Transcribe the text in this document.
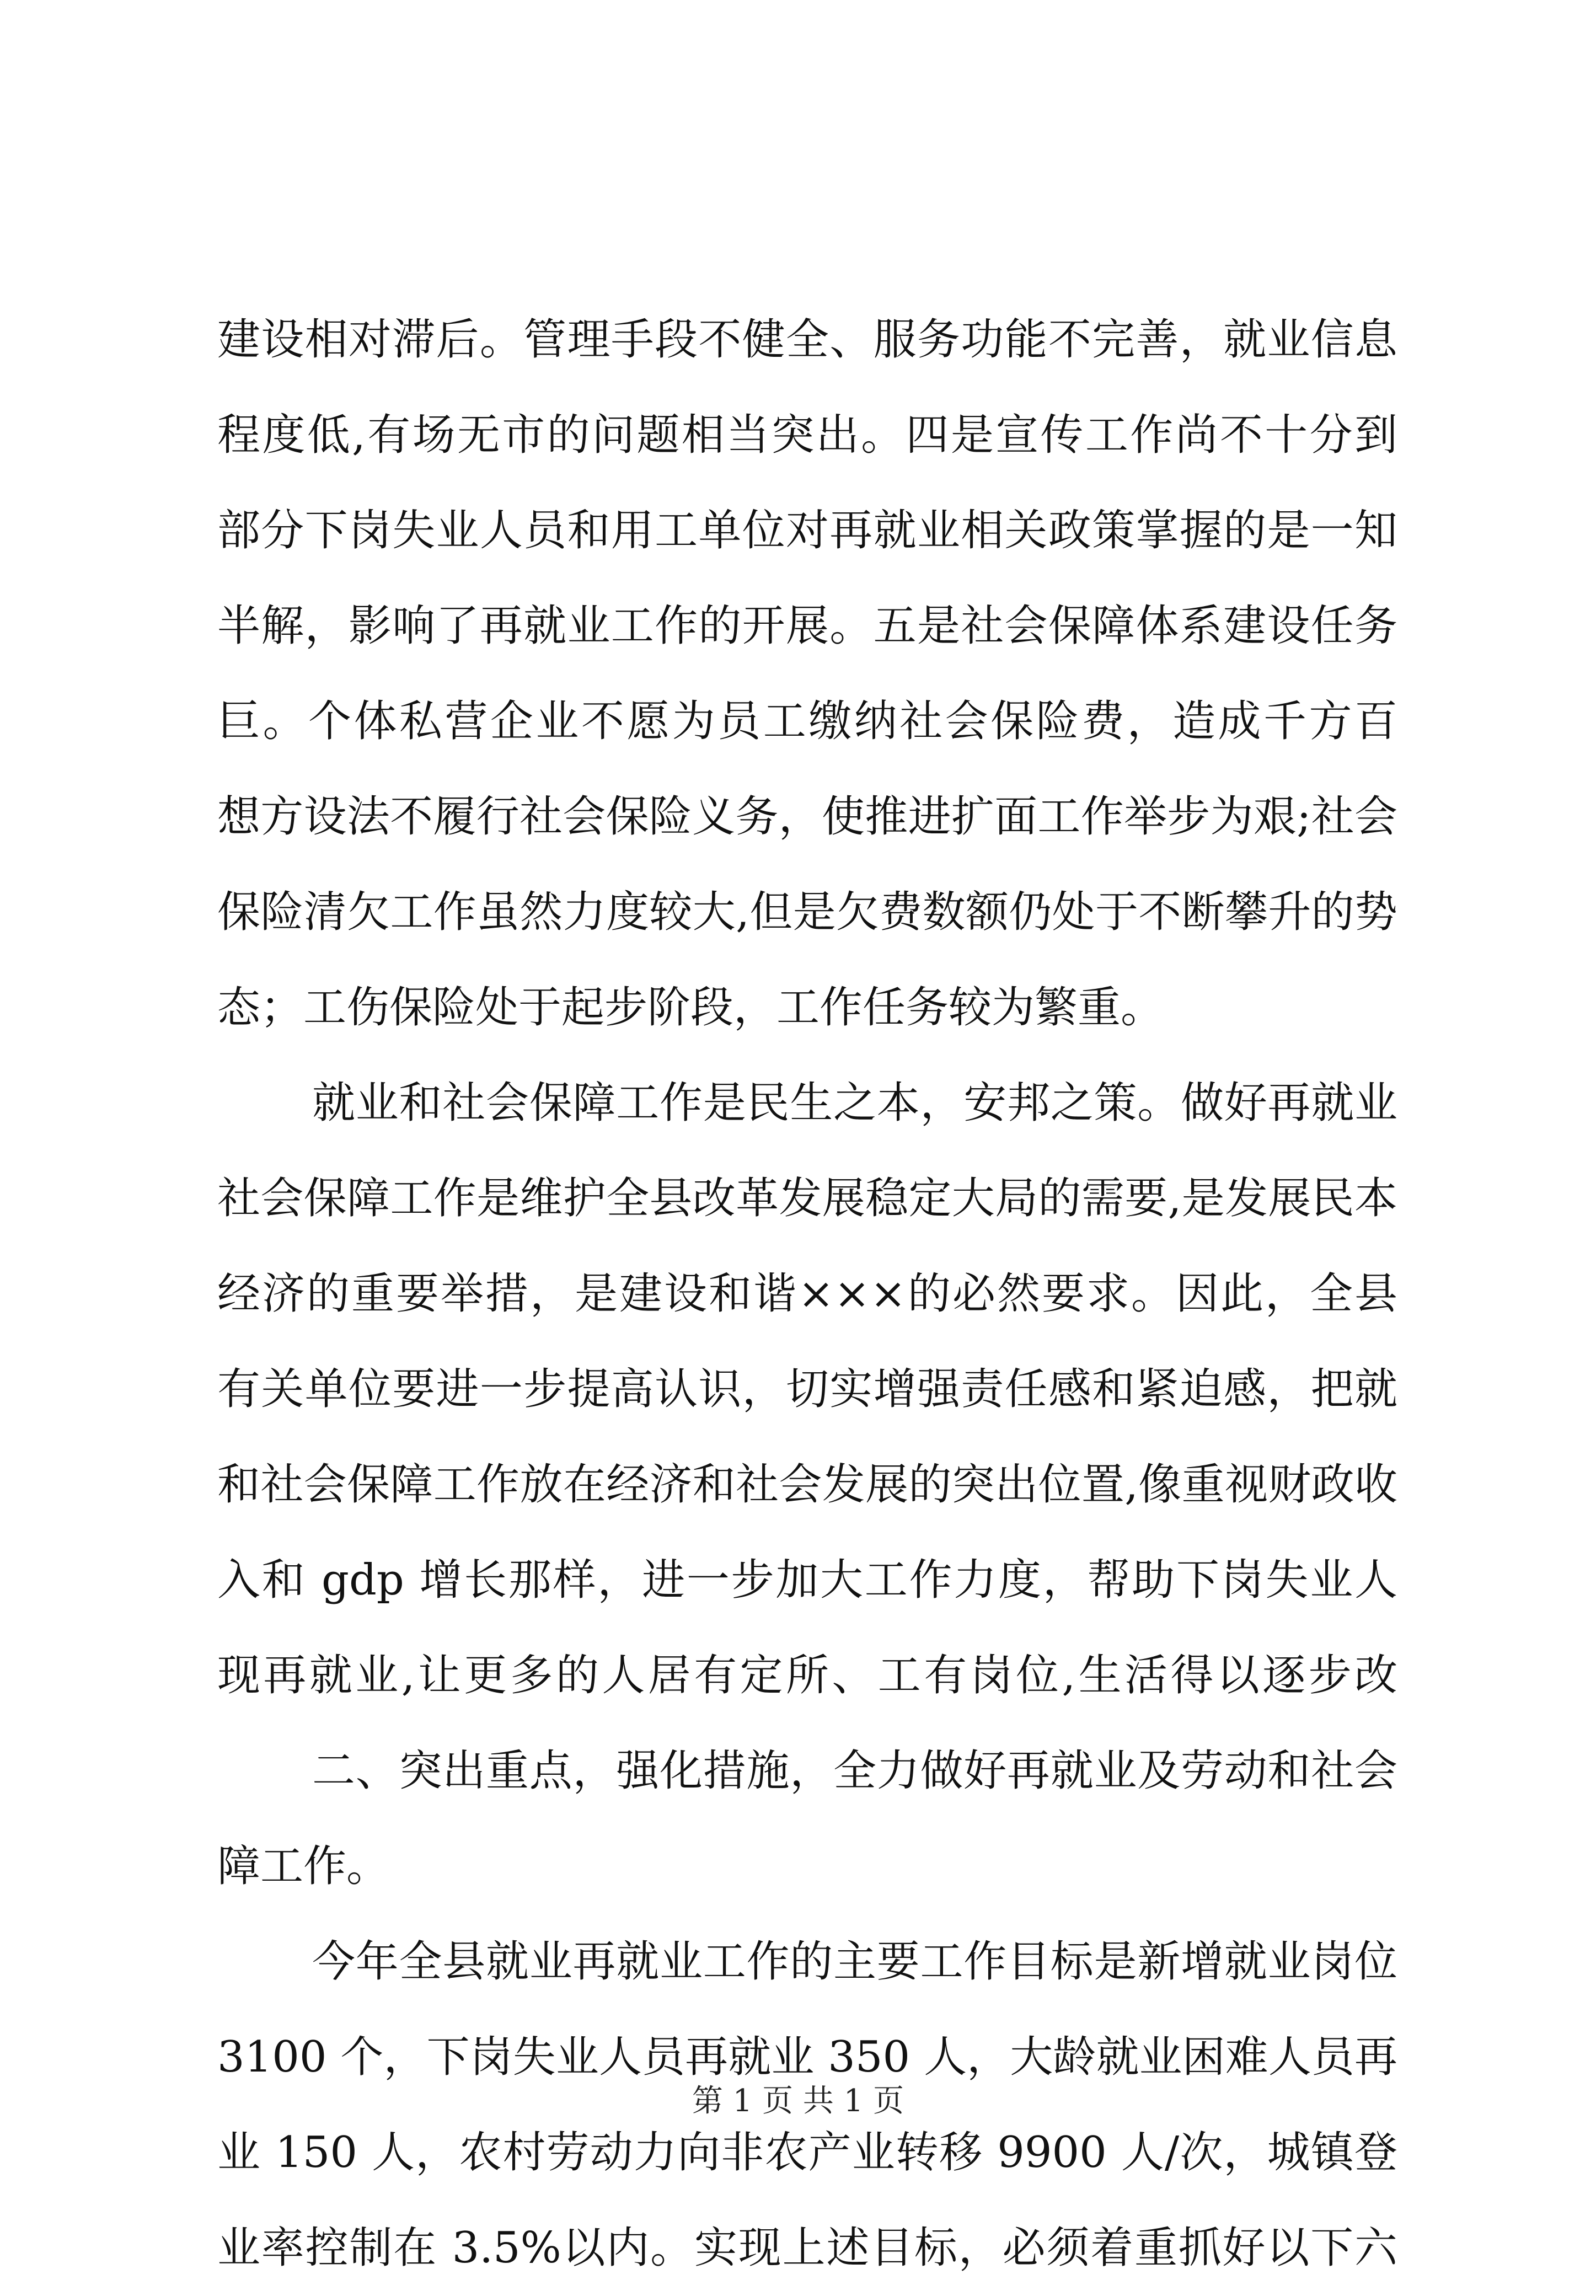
建设相对滞后。管理手段不健全、服务功能不完善，就业信息
程度低,有场无市的问题相当突出。四是宣传工作尚不十分到
部分下岗失业人员和用工单位对再就业相关政策掌握的是一知
半解，影响了再就业工作的开展。五是社会保障体系建设任务
巨。个体私营企业不愿为员工缴纳社会保险费，造成千方百
想方设法不履行社会保险义务，使推进扩面工作举步为艰;社会
保险清欠工作虽然力度较大,但是欠费数额仍处于不断攀升的势
态；工伤保险处于起步阶段，工作任务较为繁重。
就业和社会保障工作是民生之本，安邦之策。做好再就业
社会保障工作是维护全县改革发展稳定大局的需要,是发展民本
经济的重要举措，是建设和谐×××的必然要求。因此，全县
有关单位要进一步提高认识，切实增强责任感和紧迫感，把就
和社会保障工作放在经济和社会发展的突出位置,像重视财政收
入和 gdp 增长那样，进一步加大工作力度，帮助下岗失业人
现再就业,让更多的人居有定所、工有岗位,生活得以逐步改
二、突出重点，强化措施，全力做好再就业及劳动和社会
障工作。
今年全县就业再就业工作的主要工作目标是新增就业岗位
3100 个，下岗失业人员再就业 350 人，大龄就业困难人员再
业 150 人，农村劳动力向非农产业转移 9900 人/次，城镇登
业率控制在 3.5%以内。实现上述目标，必须着重抓好以下六
第 1 页 共 1 页
